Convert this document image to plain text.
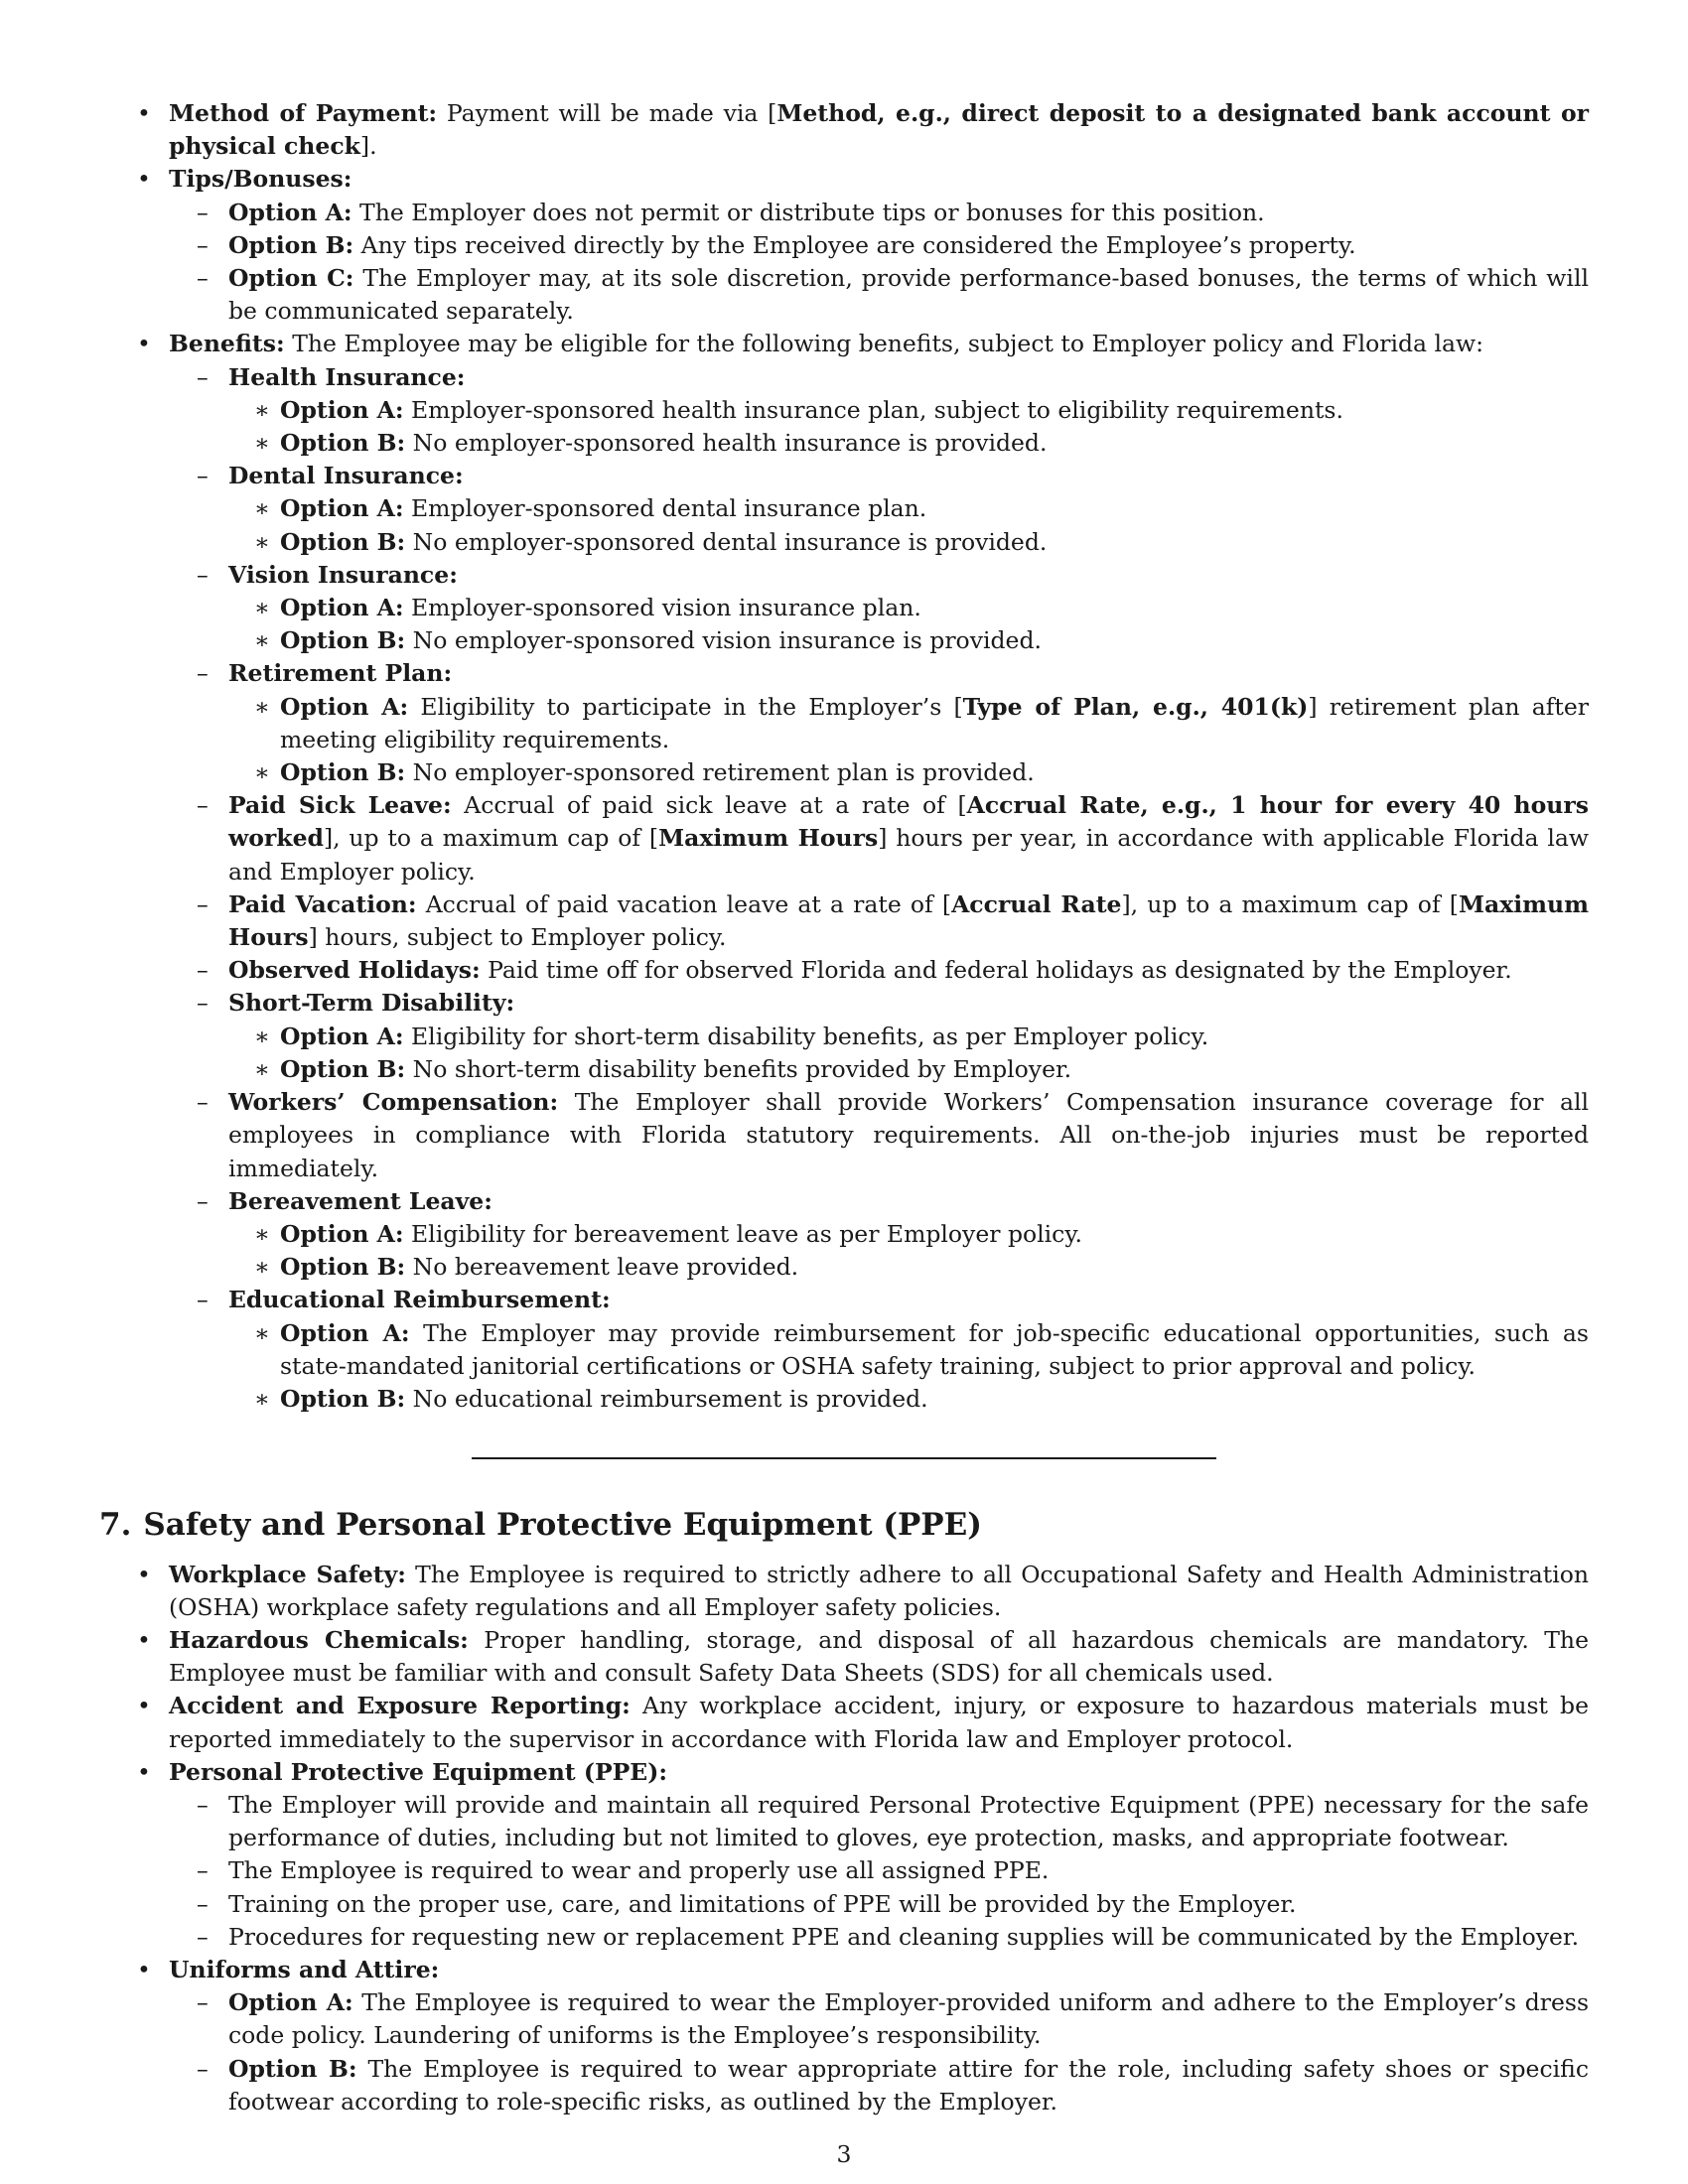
• Method of Payment: Payment will be made via [Method, e.g., direct deposit to a designated bank account or physical check].
• Tips/Bonuses:
– Option A: The Employer does not permit or distribute tips or bonuses for this position.
– Option B: Any tips received directly by the Employee are considered the Employee’s property.
– Option C: The Employer may, at its sole discretion, provide performance-based bonuses, the terms of which will be communicated separately.
• Benefits: The Employee may be eligible for the following benefits, subject to Employer policy and Florida law:
– Health Insurance:
∗ Option A: Employer-sponsored health insurance plan, subject to eligibility requirements.
∗ Option B: No employer-sponsored health insurance is provided.
– Dental Insurance:
∗ Option A: Employer-sponsored dental insurance plan.
∗ Option B: No employer-sponsored dental insurance is provided.
– Vision Insurance:
∗ Option A: Employer-sponsored vision insurance plan.
∗ Option B: No employer-sponsored vision insurance is provided.
– Retirement Plan:
∗ Option A: Eligibility to participate in the Employer’s [Type of Plan, e.g., 401(k)] retirement plan after meeting eligibility requirements.
∗ Option B: No employer-sponsored retirement plan is provided.
– Paid Sick Leave: Accrual of paid sick leave at a rate of [Accrual Rate, e.g., 1 hour for every 40 hours worked], up to a maximum cap of [Maximum Hours] hours per year, in accordance with applicable Florida law and Employer policy.
– Paid Vacation: Accrual of paid vacation leave at a rate of [Accrual Rate], up to a maximum cap of [Maximum Hours] hours, subject to Employer policy.
– Observed Holidays: Paid time off for observed Florida and federal holidays as designated by the Employer.
– Short-Term Disability:
∗ Option A: Eligibility for short-term disability benefits, as per Employer policy.
∗ Option B: No short-term disability benefits provided by Employer.
– Workers’ Compensation: The Employer shall provide Workers’ Compensation insurance coverage for all employees in compliance with Florida statutory requirements. All on-the-job injuries must be reported immediately.
– Bereavement Leave:
∗ Option A: Eligibility for bereavement leave as per Employer policy.
∗ Option B: No bereavement leave provided.
– Educational Reimbursement:
∗ Option A: The Employer may provide reimbursement for job-specific educational opportunities, such as state-mandated janitorial certifications or OSHA safety training, subject to prior approval and policy.
∗ Option B: No educational reimbursement is provided.
7. Safety and Personal Protective Equipment (PPE)
• Workplace Safety: The Employee is required to strictly adhere to all Occupational Safety and Health Administration (OSHA) workplace safety regulations and all Employer safety policies.
• Hazardous Chemicals: Proper handling, storage, and disposal of all hazardous chemicals are mandatory. The Employee must be familiar with and consult Safety Data Sheets (SDS) for all chemicals used.
• Accident and Exposure Reporting: Any workplace accident, injury, or exposure to hazardous materials must be reported immediately to the supervisor in accordance with Florida law and Employer protocol.
• Personal Protective Equipment (PPE):
– The Employer will provide and maintain all required Personal Protective Equipment (PPE) necessary for the safe performance of duties, including but not limited to gloves, eye protection, masks, and appropriate footwear.
– The Employee is required to wear and properly use all assigned PPE.
– Training on the proper use, care, and limitations of PPE will be provided by the Employer.
– Procedures for requesting new or replacement PPE and cleaning supplies will be communicated by the Employer.
• Uniforms and Attire:
– Option A: The Employee is required to wear the Employer-provided uniform and adhere to the Employer’s dress code policy. Laundering of uniforms is the Employee’s responsibility.
– Option B: The Employee is required to wear appropriate attire for the role, including safety shoes or specific footwear according to role-specific risks, as outlined by the Employer.
3
